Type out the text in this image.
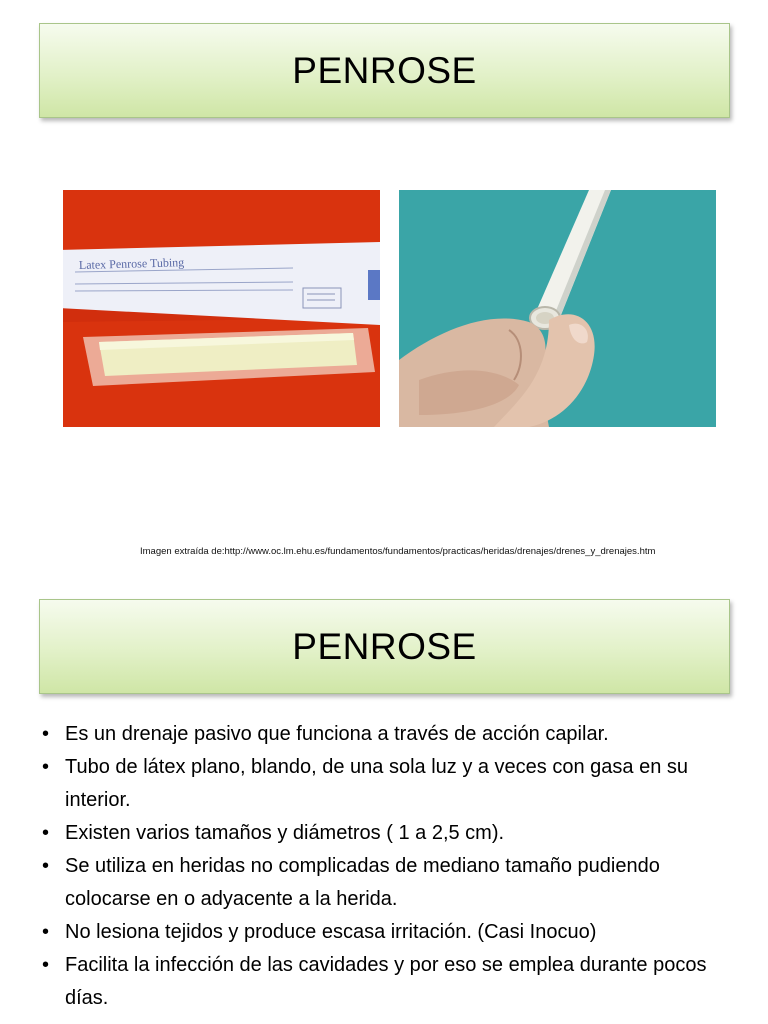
PENROSE
Latex Penrose Tubing
Imagen extraída de:http://www.oc.lm.ehu.es/fundamentos/fundamentos/practicas/heridas/drenajes/drenes_y_drenajes.htm
PENROSE
• Es un drenaje pasivo que funciona a través de acción capilar.
• Tubo de látex plano, blando, de una sola luz y a veces con gasa en su interior.
• Existen varios tamaños y diámetros ( 1 a 2,5 cm).
• Se utiliza en heridas no complicadas de mediano tamaño pudiendo colocarse en o adyacente a la herida.
• No lesiona tejidos y produce escasa irritación. (Casi Inocuo)
• Facilita la infección de las cavidades y por eso se emplea durante pocos días.
